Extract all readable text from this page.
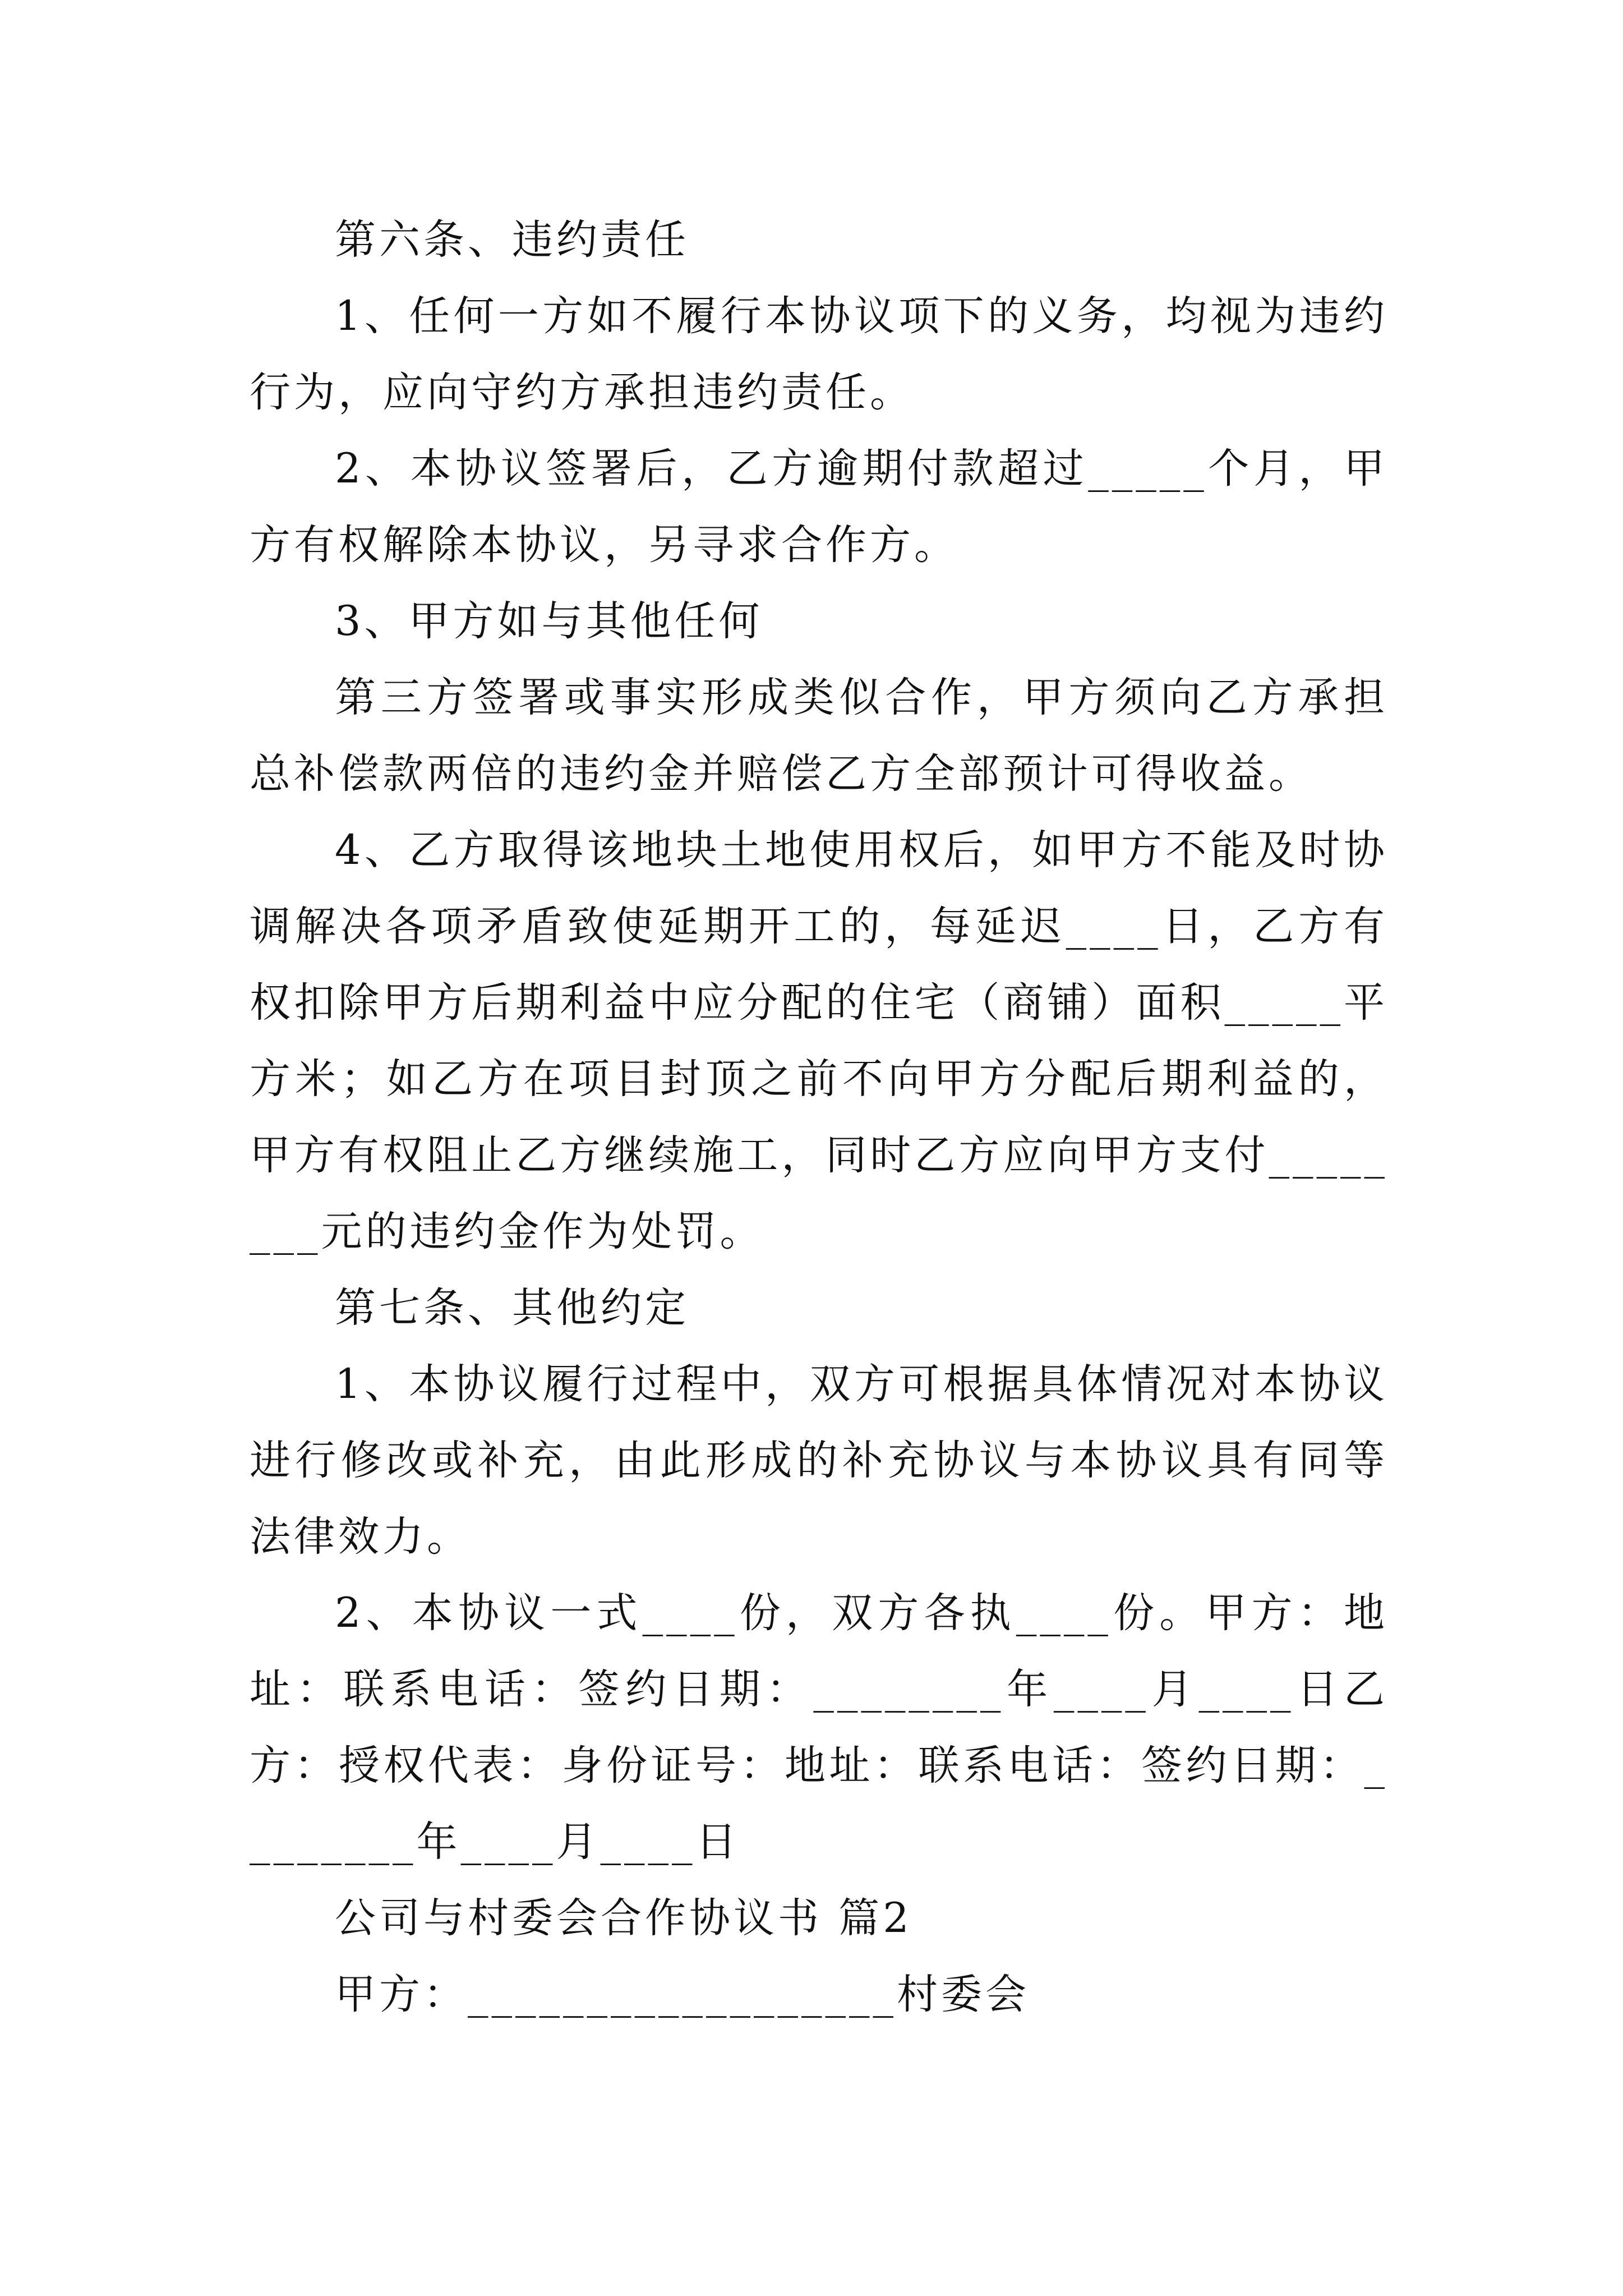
第六条、违约责任

1、任何一方如不履行本协议项下的义务，均视为违约行为，应向守约方承担违约责任。

2、本协议签署后，乙方逾期付款超过_____个月，甲方有权解除本协议，另寻求合作方。

3、甲方如与其他任何

第三方签署或事实形成类似合作，甲方须向乙方承担总补偿款两倍的违约金并赔偿乙方全部预计可得收益。

4、乙方取得该地块土地使用权后，如甲方不能及时协调解决各项矛盾致使延期开工的，每延迟____日，乙方有权扣除甲方后期利益中应分配的住宅（商铺）面积_____平方米；如乙方在项目封顶之前不向甲方分配后期利益的，甲方有权阻止乙方继续施工，同时乙方应向甲方支付________元的违约金作为处罚。

第七条、其他约定

1、本协议履行过程中，双方可根据具体情况对本协议进行修改或补充，由此形成的补充协议与本协议具有同等法律效力。

2、本协议一式____份，双方各执____份。甲方：地址：联系电话：签约日期：________年____月____日乙方：授权代表：身份证号：地址：联系电话：签约日期：________年____月____日

公司与村委会合作协议书 篇2

甲方：__________________村委会
